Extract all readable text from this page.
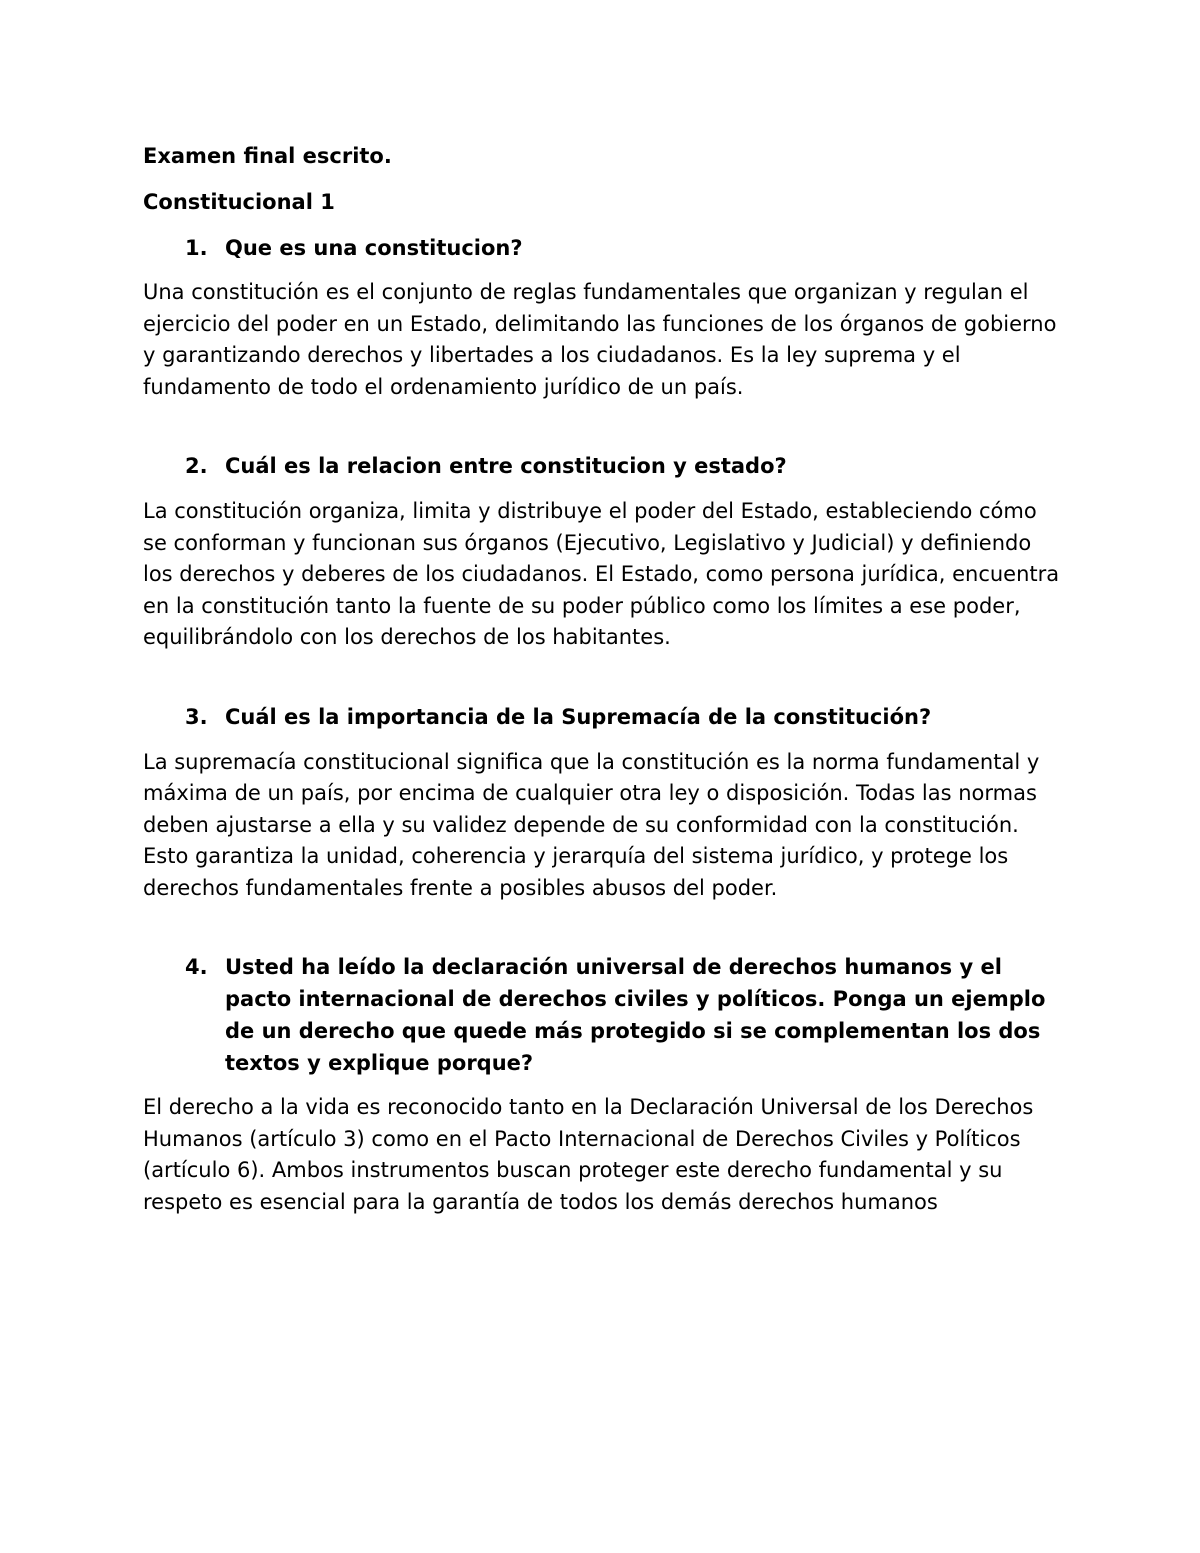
Examen final escrito.

Constitucional 1

1. Que es una constitucion?

Una constitución es el conjunto de reglas fundamentales que organizan y regulan el ejercicio del poder en un Estado, delimitando las funciones de los órganos de gobierno y garantizando derechos y libertades a los ciudadanos. Es la ley suprema y el fundamento de todo el ordenamiento jurídico de un país.

2. Cuál es la relacion entre constitucion y estado?

La constitución organiza, limita y distribuye el poder del Estado, estableciendo cómo se conforman y funcionan sus órganos (Ejecutivo, Legislativo y Judicial) y definiendo los derechos y deberes de los ciudadanos. El Estado, como persona jurídica, encuentra en la constitución tanto la fuente de su poder público como los límites a ese poder, equilibrándolo con los derechos de los habitantes.

3. Cuál es la importancia de la Supremacía de la constitución?

La supremacía constitucional significa que la constitución es la norma fundamental y máxima de un país, por encima de cualquier otra ley o disposición. Todas las normas deben ajustarse a ella y su validez depende de su conformidad con la constitución. Esto garantiza la unidad, coherencia y jerarquía del sistema jurídico, y protege los derechos fundamentales frente a posibles abusos del poder.

4. Usted ha leído la declaración universal de derechos humanos y el pacto internacional de derechos civiles y políticos. Ponga un ejemplo de un derecho que quede más protegido si se complementan los dos textos y explique porque?

El derecho a la vida es reconocido tanto en la Declaración Universal de los Derechos Humanos (artículo 3) como en el Pacto Internacional de Derechos Civiles y Políticos (artículo 6). Ambos instrumentos buscan proteger este derecho fundamental y su respeto es esencial para la garantía de todos los demás derechos humanos
